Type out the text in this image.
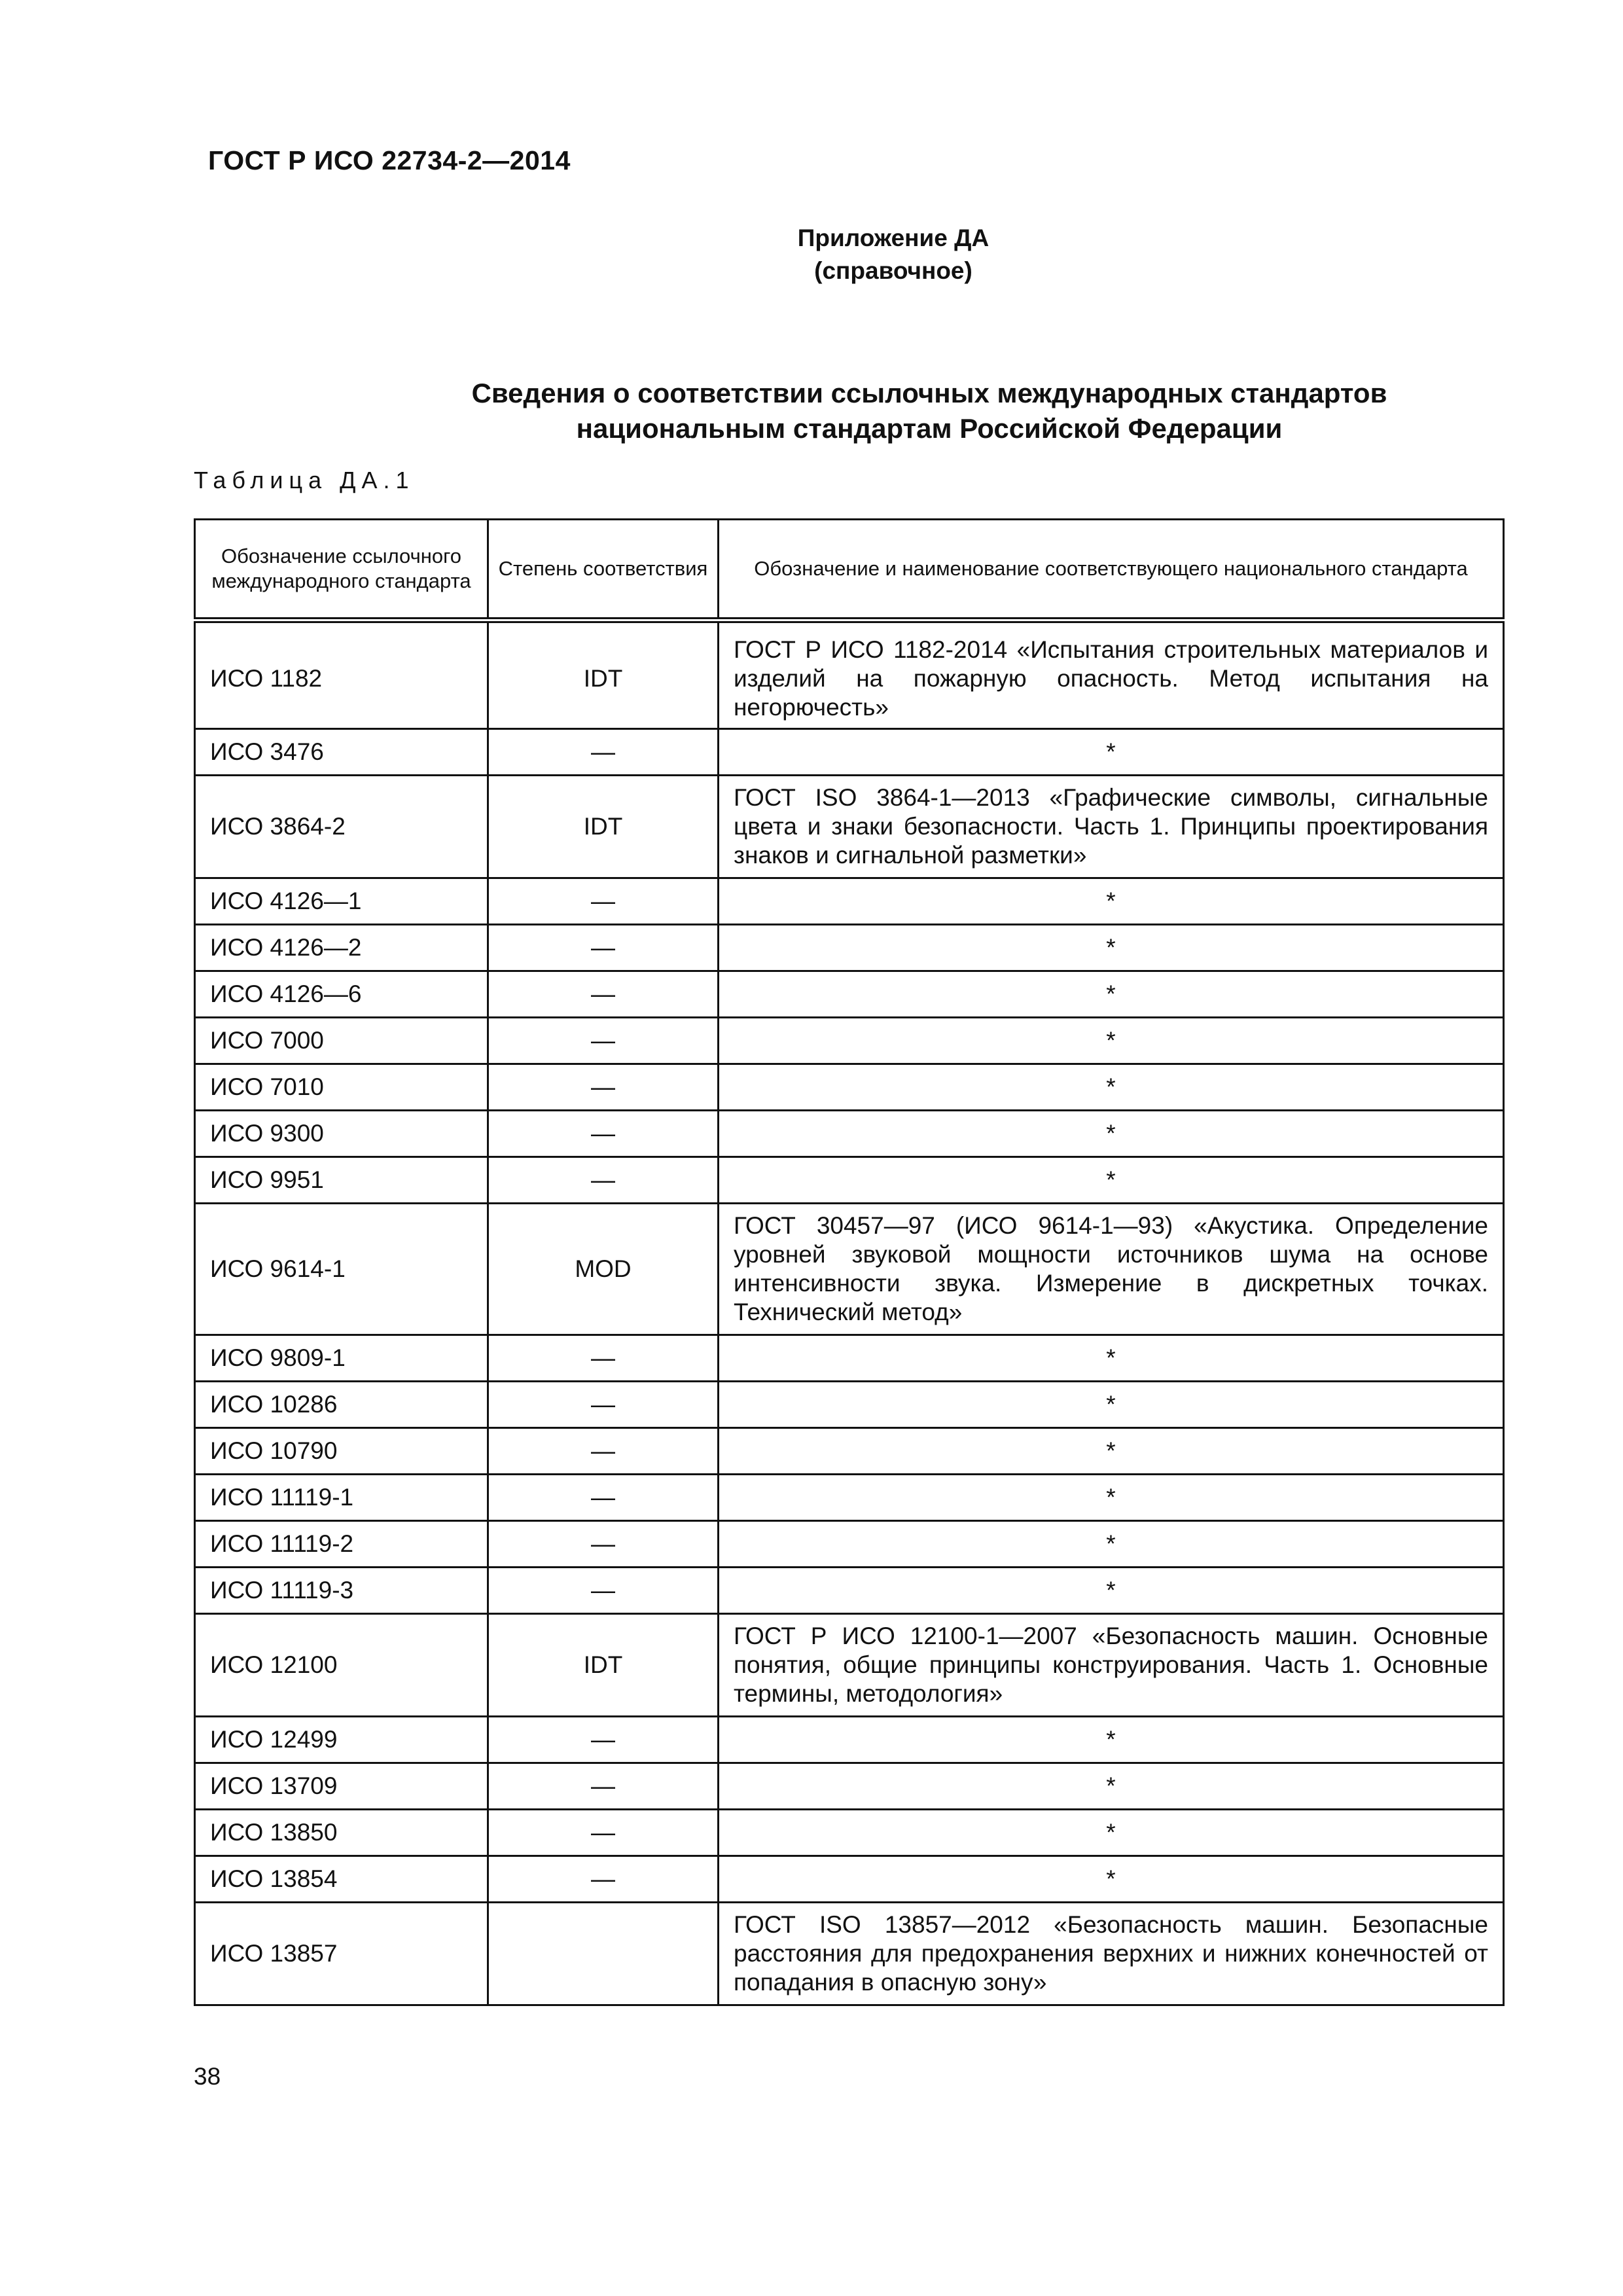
ГОСТ Р ИСО 22734-2—2014
Приложение ДА
(справочное)
Сведения о соответствии ссылочных международных стандартов
национальным стандартам Российской Федерации
Таблица ДА.1
Обозначение ссылочного международного стандарта	Степень соответствия	Обозначение и наименование соответствующего национального стандарта
ИСО 1182	IDT	ГОСТ Р ИСО 1182-2014 «Испытания строительных материалов и изделий на пожарную опасность. Метод испытания на негорючесть»
ИСО 3476	—	*
ИСО 3864-2	IDT	ГОСТ ISO 3864-1—2013 «Графические символы, сигнальные цвета и знаки безопасности. Часть 1. Принципы проектирования знаков и сигнальной разметки»
ИСО 4126—1	—	*
ИСО 4126—2	—	*
ИСО 4126—6	—	*
ИСО 7000	—	*
ИСО 7010	—	*
ИСО 9300	—	*
ИСО 9951	—	*
ИСО 9614-1	MOD	ГОСТ 30457—97 (ИСО 9614-1—93) «Акустика. Определение уровней звуковой мощности источников шума на основе интенсивности звука. Измерение в дискретных точках. Технический метод»
ИСО 9809-1	—	*
ИСО 10286	—	*
ИСО 10790	—	*
ИСО 11119-1	—	*
ИСО 11119-2	—	*
ИСО 11119-3	—	*
ИСО 12100	IDT	ГОСТ Р ИСО 12100-1—2007 «Безопасность машин. Основные понятия, общие принципы конструирования. Часть 1. Основные термины, методология»
ИСО 12499	—	*
ИСО 13709	—	*
ИСО 13850	—	*
ИСО 13854	—	*
ИСО 13857		ГОСТ ISO 13857—2012 «Безопасность машин. Безопасные расстояния для предохранения верхних и нижних конечностей от попадания в опасную зону»
38
